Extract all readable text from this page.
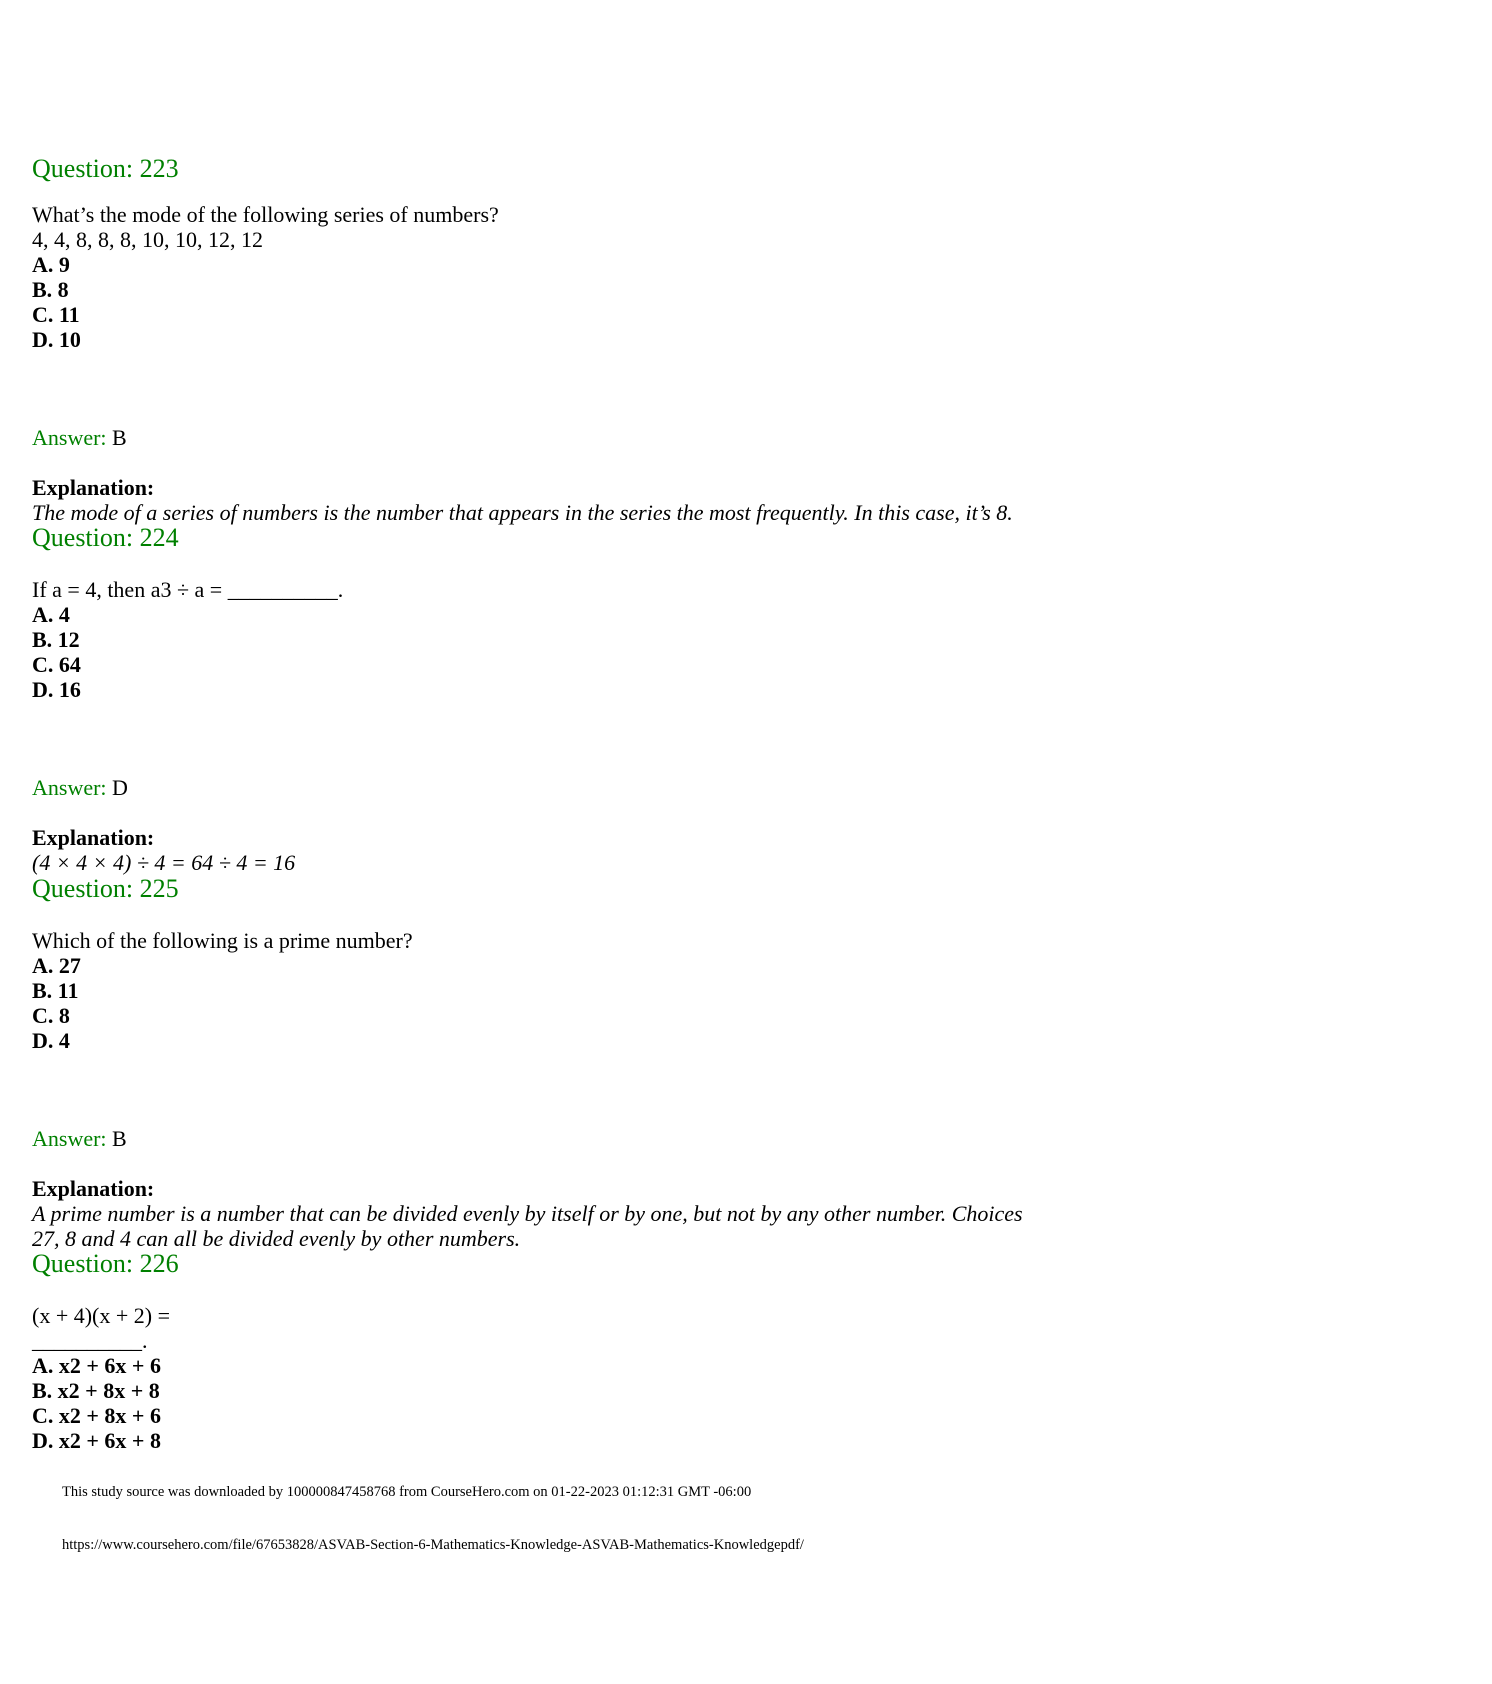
Question: 223
What’s the mode of the following series of numbers?
4, 4, 8, 8, 8, 10, 10, 12, 12
A. 9
B. 8
C. 11
D. 10
Answer: B
Explanation:
The mode of a series of numbers is the number that appears in the series the most frequently. In this case, it’s 8.
Question: 224
If a = 4, then a3 ÷ a = __________.
A. 4
B. 12
C. 64
D. 16
Answer: D
Explanation:
(4 × 4 × 4) ÷ 4 = 64 ÷ 4 = 16
Question: 225
Which of the following is a prime number?
A. 27
B. 11
C. 8
D. 4
Answer: B
Explanation:
A prime number is a number that can be divided evenly by itself or by one, but not by any other number. Choices
27, 8 and 4 can all be divided evenly by other numbers.
Question: 226
(x + 4)(x + 2) =
__________.
A. x2 + 6x + 6
B. x2 + 8x + 8
C. x2 + 8x + 6
D. x2 + 6x + 8
This study source was downloaded by 100000847458768 from CourseHero.com on 01-22-2023 01:12:31 GMT -06:00
https://www.coursehero.com/file/67653828/ASVAB-Section-6-Mathematics-Knowledge-ASVAB-Mathematics-Knowledgepdf/
